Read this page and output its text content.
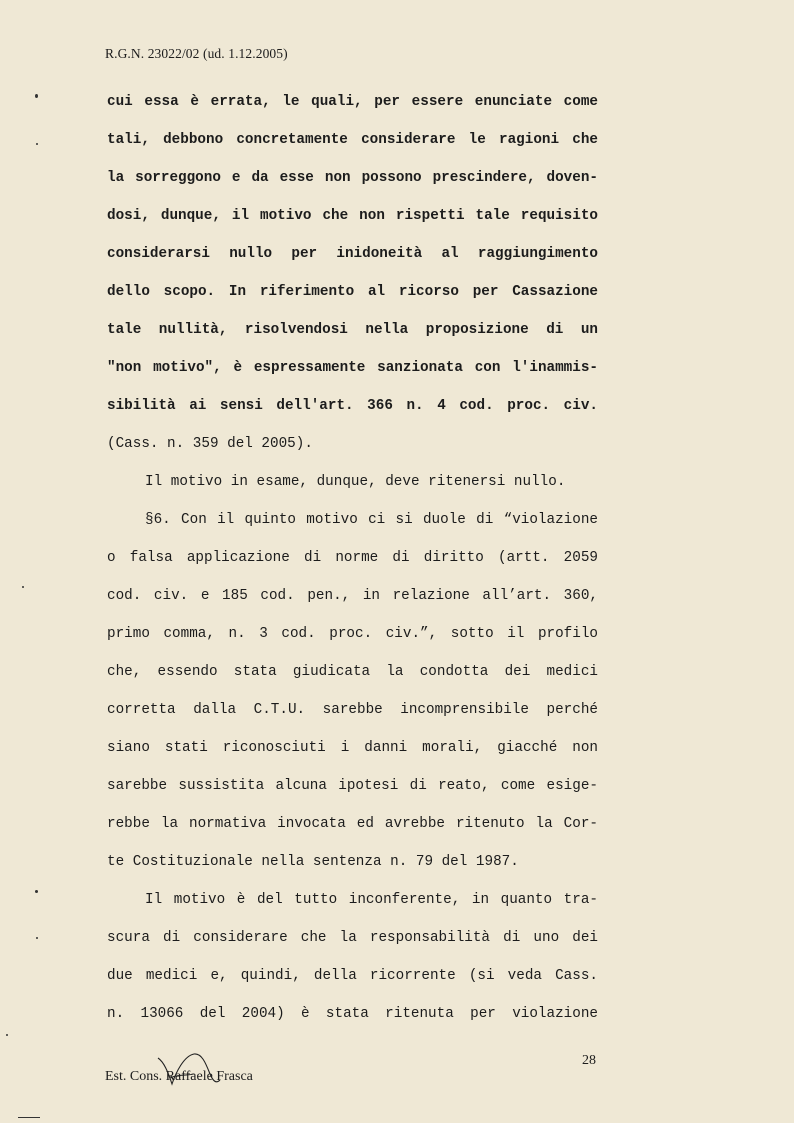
R.G.N. 23022/02 (ud. 1.12.2005)
cui essa è errata, le quali, per essere enunciate come
tali, debbono concretamente considerare le ragioni che
la sorreggono e da esse non possono prescindere, doven-
dosi, dunque, il motivo che non rispetti tale requisito
considerarsi nullo per inidoneità al raggiungimento
dello scopo. In riferimento al ricorso per Cassazione
tale nullità, risolvendosi nella proposizione di un
"non motivo", è espressamente sanzionata con l'inammis-
sibilità ai sensi dell'art. 366 n. 4 cod. proc. civ.
(Cass. n. 359 del 2005).
Il motivo in esame, dunque, deve ritenersi nullo.
§6. Con il quinto motivo ci si duole di “violazione
o falsa applicazione di norme di diritto (artt. 2059
cod. civ. e 185 cod. pen., in relazione all’art. 360,
primo comma, n. 3 cod. proc. civ.”, sotto il profilo
che, essendo stata giudicata la condotta dei medici
corretta dalla C.T.U. sarebbe incomprensibile perché
siano stati riconosciuti i danni morali, giacché non
sarebbe sussistita alcuna ipotesi di reato, come esige-
rebbe la normativa invocata ed avrebbe ritenuto la Cor-
te Costituzionale nella sentenza n. 79 del 1987.
Il motivo è del tutto inconferente, in quanto tra-
scura di considerare che la responsabilità di uno dei
due medici e, quindi, della ricorrente (si veda Cass.
n. 13066 del 2004) è stata ritenuta per violazione
28
Est. Cons. Raffaele Frasca
